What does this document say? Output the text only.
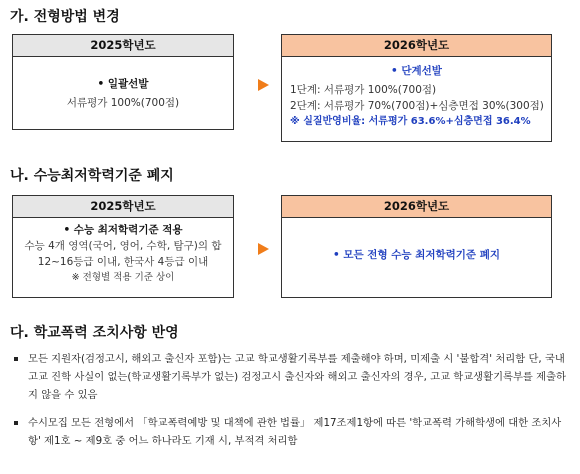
가. 전형방법 변경
2025학년도
• 일괄선발
서류평가 100%(700점)
2026학년도
• 단계선발
1단계: 서류평가 100%(700점)
2단계: 서류평가 70%(700점)+심층면접 30%(300점)
※ 실질반영비율: 서류평가 63.6%+심층면접 36.4%
나. 수능최저학력기준 폐지
2025학년도
• 수능 최저학력기준 적용
수능 4개 영역(국어, 영어, 수학, 탐구)의 합
12~16등급 이내, 한국사 4등급 이내
※ 전형별 적용 기준 상이
2026학년도
• 모든 전형 수능 최저학력기준 폐지
다. 학교폭력 조치사항 반영
모든 지원자(검정고시, 해외고 출신자 포함)는 고교 학교생활기록부를 제출해야 하며, 미제출 시 '불합격' 처리함 단, 국내 고교 진학 사실이 없는(학교생활기록부가 없는) 검정고시 출신자와 해외고 출신자의 경우, 고교 학교생활기록부를 제출하지 않을 수 있음
수시모집 모든 전형에서 「학교폭력예방 및 대책에 관한 법률」 제17조제1항에 따른 '학교폭력 가해학생에 대한 조치사항' 제1호 ~ 제9호 중 어느 하나라도 기재 시, 부적격 처리함
